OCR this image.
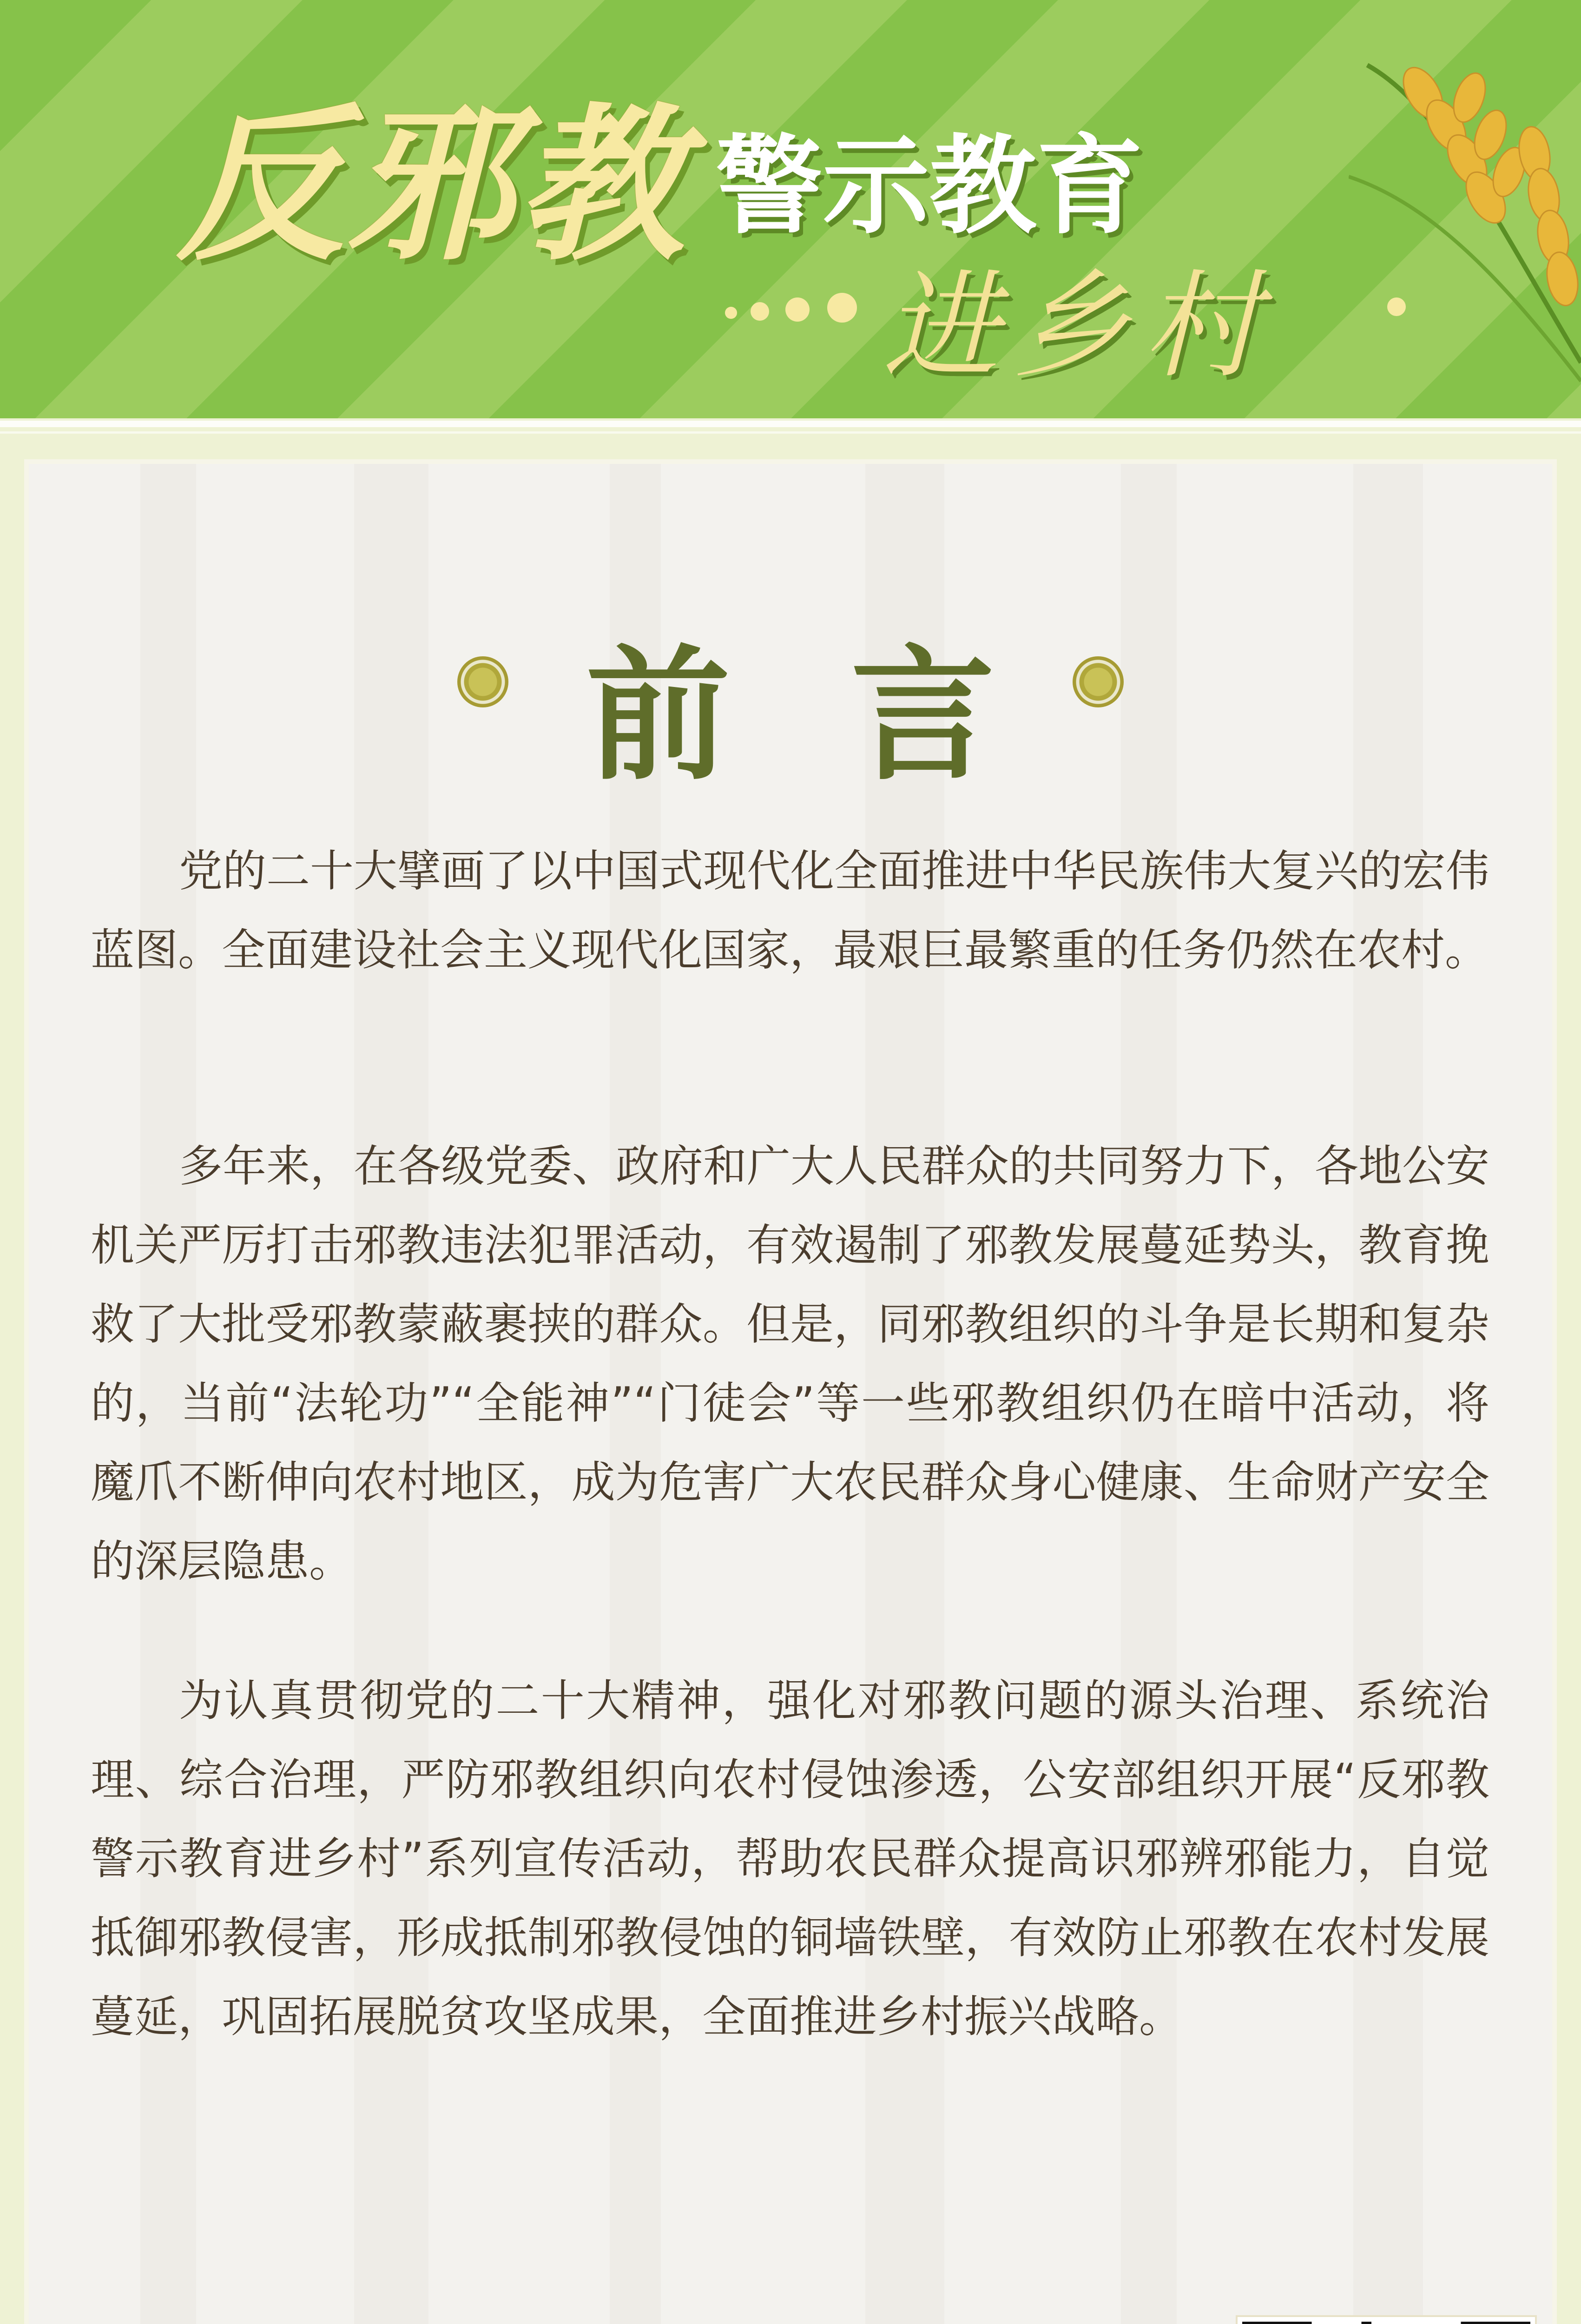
反邪教 警示教育
进乡村
前言

党的二十大擘画了以中国式现代化全面推进中华民族伟大复兴的宏伟蓝图。全面建设社会主义现代化国家，最艰巨最繁重的任务仍然在农村。

多年来，在各级党委、政府和广大人民群众的共同努力下，各地公安机关严厉打击邪教违法犯罪活动，有效遏制了邪教发展蔓延势头，教育挽救了大批受邪教蒙蔽裹挟的群众。但是，同邪教组织的斗争是长期和复杂的，当前“法轮功”“全能神”“门徒会”等一些邪教组织仍在暗中活动，将魔爪不断伸向农村地区，成为危害广大农民群众身心健康、生命财产安全的深层隐患。

为认真贯彻党的二十大精神，强化对邪教问题的源头治理、系统治理、综合治理，严防邪教组织向农村侵蚀渗透，公安部组织开展“反邪教警示教育进乡村”系列宣传活动，帮助农民群众提高识邪辨邪能力，自觉抵御邪教侵害，形成抵制邪教侵蚀的铜墙铁壁，有效防止邪教在农村发展蔓延，巩固拓展脱贫攻坚成果，全面推进乡村振兴战略。
